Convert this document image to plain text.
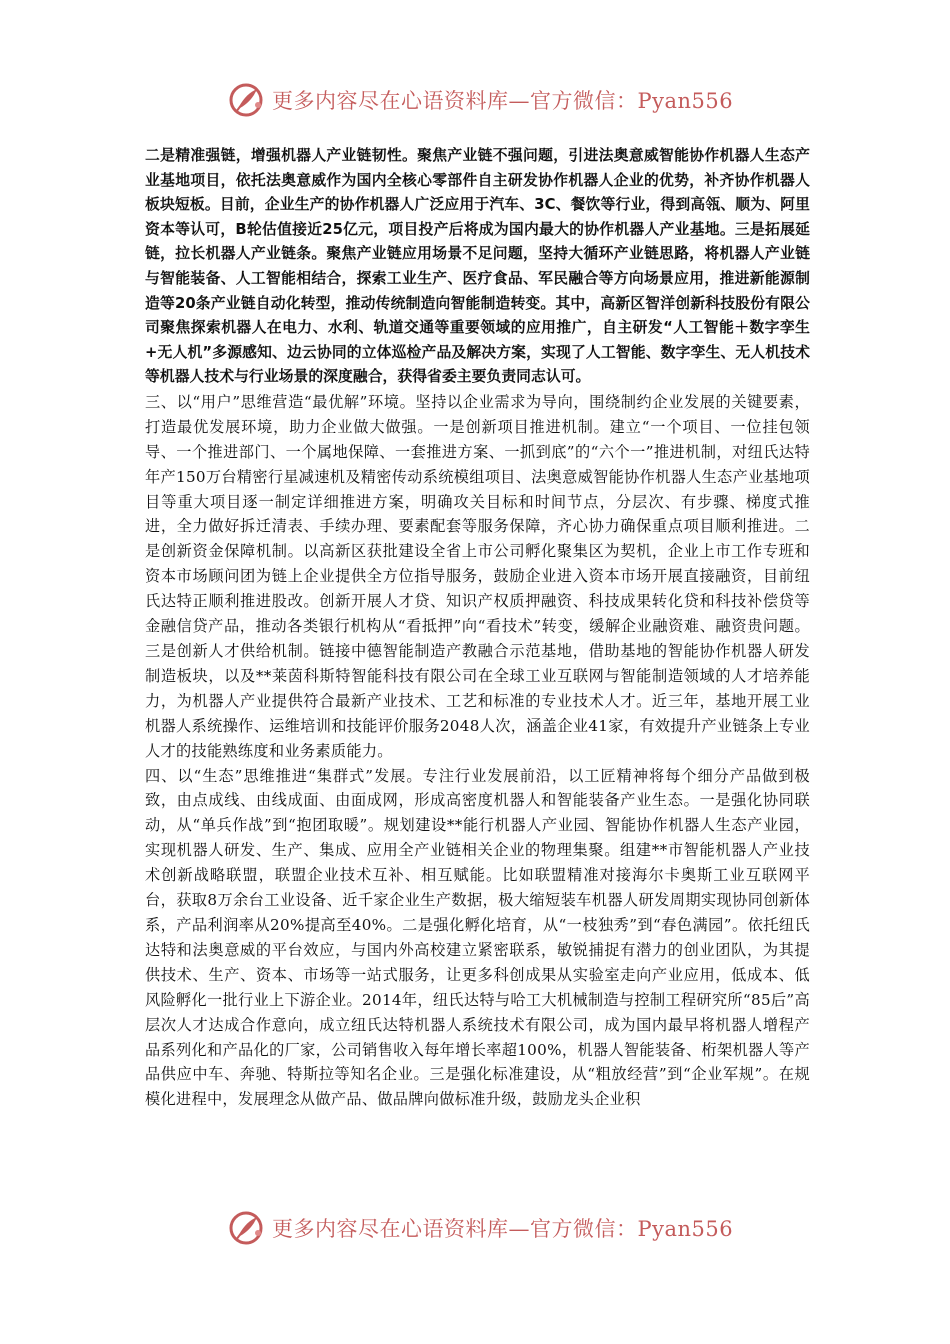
更多内容尽在心语资料库—官方微信：Pyan556

二是精准强链，增强机器人产业链韧性。聚焦产业链不强问题，引进法奥意威智能协作机器人生态产业基地项目，依托法奥意威作为国内全核心零部件自主研发协作机器人企业的优势，补齐协作机器人板块短板。目前，企业生产的协作机器人广泛应用于汽车、3C、餐饮等行业，得到高瓴、顺为、阿里资本等认可，B轮估值接近25亿元，项目投产后将成为国内最大的协作机器人产业基地。三是拓展延链，拉长机器人产业链条。聚焦产业链应用场景不足问题，坚持大循环产业链思路，将机器人产业链与智能装备、人工智能相结合，探索工业生产、医疗食品、军民融合等方向场景应用，推进新能源制造等20条产业链自动化转型，推动传统制造向智能制造转变。其中，高新区智洋创新科技股份有限公司聚焦探索机器人在电力、水利、轨道交通等重要领域的应用推广，自主研发“人工智能＋数字孪生+无人机”多源感知、边云协同的立体巡检产品及解决方案，实现了人工智能、数字孪生、无人机技术等机器人技术与行业场景的深度融合，获得省委主要负责同志认可。

三、以“用户”思维营造“最优解”环境。坚持以企业需求为导向，围绕制约企业发展的关键要素，打造最优发展环境，助力企业做大做强。一是创新项目推进机制。建立“一个项目、一位挂包领导、一个推进部门、一个属地保障、一套推进方案、一抓到底”的“六个一”推进机制，对纽氏达特年产150万台精密行星减速机及精密传动系统模组项目、法奥意威智能协作机器人生态产业基地项目等重大项目逐一制定详细推进方案，明确攻关目标和时间节点，分层次、有步骤、梯度式推进，全力做好拆迁清表、手续办理、要素配套等服务保障，齐心协力确保重点项目顺利推进。二是创新资金保障机制。以高新区获批建设全省上市公司孵化聚集区为契机，企业上市工作专班和资本市场顾问团为链上企业提供全方位指导服务，鼓励企业进入资本市场开展直接融资，目前纽氏达特正顺利推进股改。创新开展人才贷、知识产权质押融资、科技成果转化贷和科技补偿贷等金融信贷产品，推动各类银行机构从“看抵押”向“看技术”转变，缓解企业融资难、融资贵问题。三是创新人才供给机制。链接中德智能制造产教融合示范基地，借助基地的智能协作机器人研发制造板块，以及**莱茵科斯特智能科技有限公司在全球工业互联网与智能制造领域的人才培养能力，为机器人产业提供符合最新产业技术、工艺和标准的专业技术人才。近三年，基地开展工业机器人系统操作、运维培训和技能评价服务2048人次，涵盖企业41家，有效提升产业链条上专业人才的技能熟练度和业务素质能力。

四、以“生态”思维推进“集群式”发展。专注行业发展前沿，以工匠精神将每个细分产品做到极致，由点成线、由线成面、由面成网，形成高密度机器人和智能装备产业生态。一是强化协同联动，从“单兵作战”到“抱团取暖”。规划建设**能行机器人产业园、智能协作机器人生态产业园，实现机器人研发、生产、集成、应用全产业链相关企业的物理集聚。组建**市智能机器人产业技术创新战略联盟，联盟企业技术互补、相互赋能。比如联盟精准对接海尔卡奥斯工业互联网平台，获取8万余台工业设备、近千家企业生产数据，极大缩短装车机器人研发周期实现协同创新体系，产品利润率从20%提高至40%。二是强化孵化培育，从“一枝独秀”到“春色满园”。依托纽氏达特和法奥意威的平台效应，与国内外高校建立紧密联系，敏锐捕捉有潜力的创业团队，为其提供技术、生产、资本、市场等一站式服务，让更多科创成果从实验室走向产业应用，低成本、低风险孵化一批行业上下游企业。2014年，纽氏达特与哈工大机械制造与控制工程研究所“85后”高层次人才达成合作意向，成立纽氏达特机器人系统技术有限公司，成为国内最早将机器人增程产品系列化和产品化的厂家，公司销售收入每年增长率超100%，机器人智能装备、桁架机器人等产品供应中车、奔驰、特斯拉等知名企业。三是强化标准建设，从“粗放经营”到“企业军规”。在规模化进程中，发展理念从做产品、做品牌向做标准升级，鼓励龙头企业积

更多内容尽在心语资料库—官方微信：Pyan556
